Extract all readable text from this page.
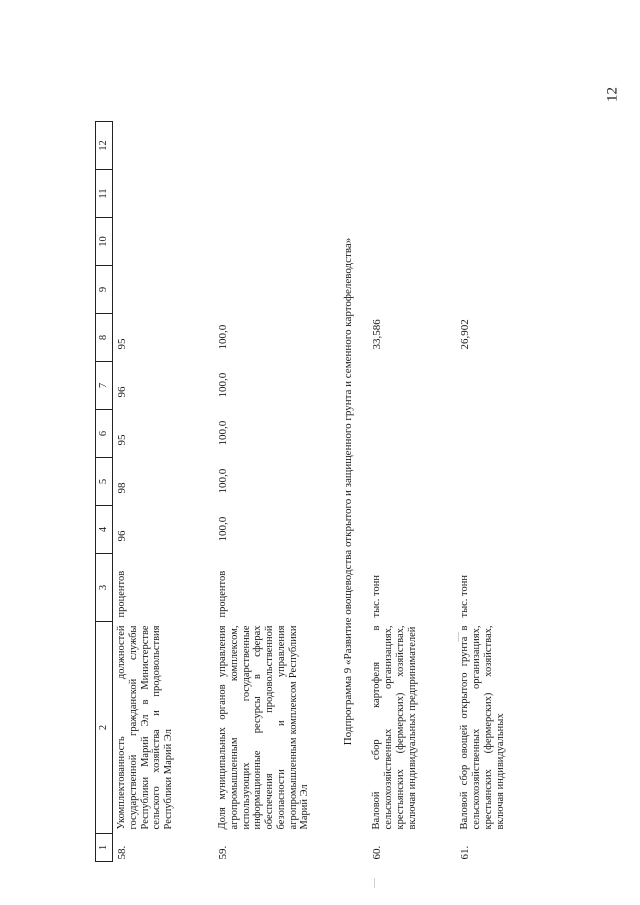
12
1	2	3	4	5	6	7	8	9	10	11	12
58.	Укомплектованность должностей государственной гражданской службы Республики Марий Эл в Министерстве сельского хозяйства и продовольствия Республики Марий Эл	процентов	96	98	95	96	95				
59.	Доля муниципальных органов управления агропромышленным комплексом, использующих государственные информационные ресурсы в сферах обеспечения продовольственной безопасности и управления агропромышленным комплексом Республики Марий Эл	процентов	100,0	100,0	100,0	100,0	100,0				
Подпрограмма 9 «Развитие овощеводства открытого и защищенного грунта и семенного картофелеводства»											
60.	Валовой сбор картофеля в сельскохозяйственных организациях, крестьянских (фермерских) хозяйствах, включая индивидуальных предпринимателей	тыс. тонн					33,586				
61.	Валовой сбор овощей открытого грунта в сельскохозяйственных организациях, крестьянских (фермерских) хозяйствах, включая индивидуальных	тыс. тонн					26,902				
